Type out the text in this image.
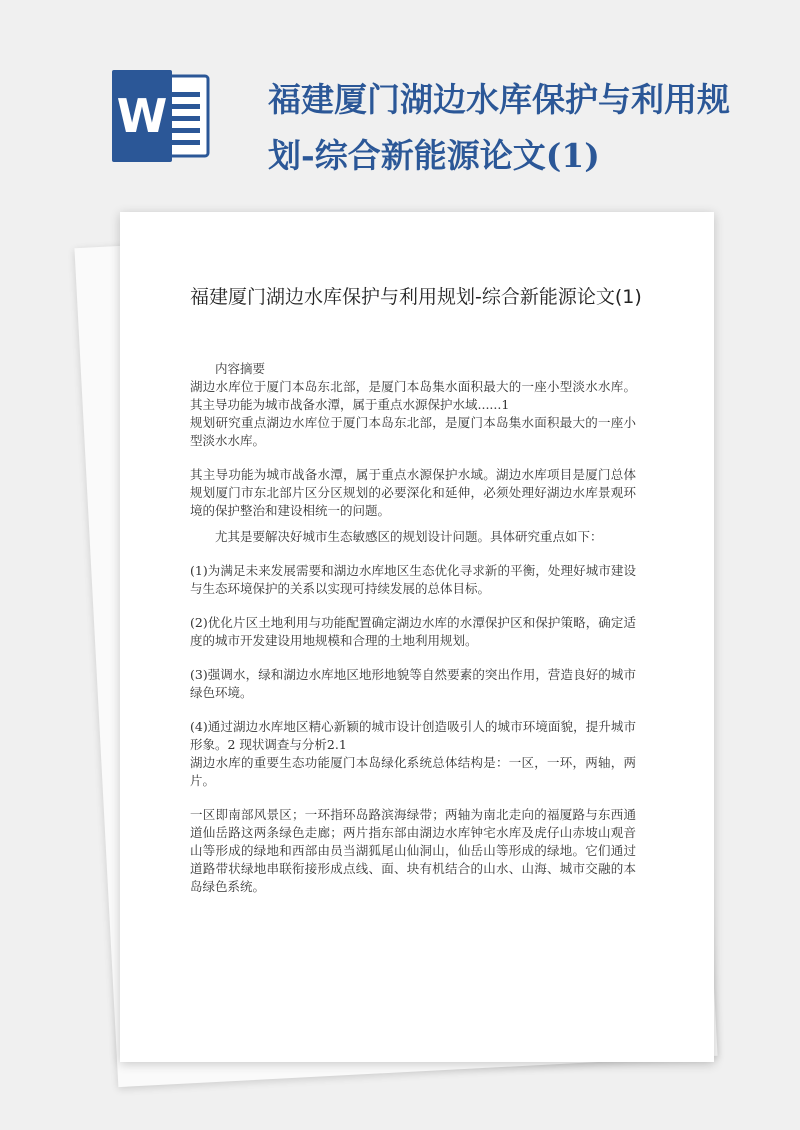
W	福建厦门湖边水库保护与利用规划-综合新能源论文(1)
福建厦门湖边水库保护与利用规划-综合新能源论文(1)

内容摘要

湖边水库位于厦门本岛东北部，是厦门本岛集水面积最大的一座小型淡水水库。其主导功能为城市战备水潭，属于重点水源保护水域......1

规划研究重点湖边水库位于厦门本岛东北部，是厦门本岛集水面积最大的一座小型淡水水库。

其主导功能为城市战备水潭，属于重点水源保护水域。湖边水库项目是厦门总体规划厦门市东北部片区分区规划的必要深化和延伸，必须处理好湖边水库景观环境的保护整治和建设相统一的问题。

尤其是要解决好城市生态敏感区的规划设计问题。具体研究重点如下：

(1)为满足未来发展需要和湖边水库地区生态优化寻求新的平衡，处理好城市建设与生态环境保护的关系以实现可持续发展的总体目标。

(2)优化片区土地利用与功能配置确定湖边水库的水潭保护区和保护策略，确定适度的城市开发建设用地规模和合理的土地利用规划。

(3)强调水，绿和湖边水库地区地形地貌等自然要素的突出作用，营造良好的城市绿色环境。

(4)通过湖边水库地区精心新颖的城市设计创造吸引人的城市环境面貌，提升城市形象。2 现状调查与分析2.1

湖边水库的重要生态功能厦门本岛绿化系统总体结构是：一区，一环，两轴，两片。

一区即南部风景区；一环指环岛路滨海绿带；两轴为南北走向的福厦路与东西通道仙岳路这两条绿色走廊；两片指东部由湖边水库钟宅水库及虎仔山赤坡山观音山等形成的绿地和西部由员当湖狐尾山仙洞山，仙岳山等形成的绿地。它们通过道路带状绿地串联衔接形成点线、面、块有机结合的山水、山海、城市交融的本岛绿色系统。
